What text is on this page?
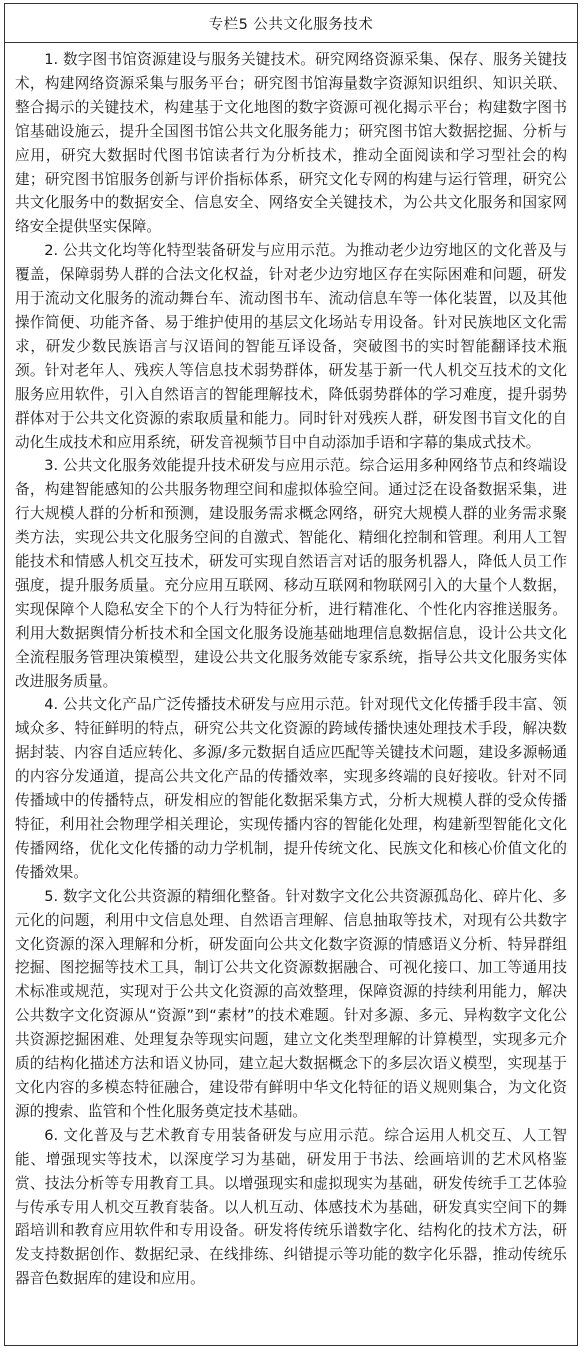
专栏5 公共文化服务技术

1. 数字图书馆资源建设与服务关键技术。研究网络资源采集、保存、服务关键技术，构建网络资源采集与服务平台；研究图书馆海量数字资源知识组织、知识关联、整合揭示的关键技术，构建基于文化地图的数字资源可视化揭示平台；构建数字图书馆基础设施云，提升全国图书馆公共文化服务能力；研究图书馆大数据挖掘、分析与应用，研究大数据时代图书馆读者行为分析技术，推动全面阅读和学习型社会的构建；研究图书馆服务创新与评价指标体系，研究文化专网的构建与运行管理，研究公共文化服务中的数据安全、信息安全、网络安全关键技术，为公共文化服务和国家网络安全提供坚实保障。

2. 公共文化均等化特型装备研发与应用示范。为推动老少边穷地区的文化普及与覆盖，保障弱势人群的合法文化权益，针对老少边穷地区存在实际困难和问题，研发用于流动文化服务的流动舞台车、流动图书车、流动信息车等一体化装置，以及其他操作简便、功能齐备、易于维护使用的基层文化场站专用设备。针对民族地区文化需求，研发少数民族语言与汉语间的智能互译设备，突破图书的实时智能翻译技术瓶颈。针对老年人、残疾人等信息技术弱势群体，研发基于新一代人机交互技术的文化服务应用软件，引入自然语言的智能理解技术，降低弱势群体的学习难度，提升弱势群体对于公共文化资源的索取质量和能力。同时针对残疾人群，研发图书盲文化的自动化生成技术和应用系统，研发音视频节目中自动添加手语和字幕的集成式技术。

3. 公共文化服务效能提升技术研发与应用示范。综合运用多种网络节点和终端设备，构建智能感知的公共服务物理空间和虚拟体验空间。通过泛在设备数据采集，进行大规模人群的分析和预测，建设服务需求概念网络，研究大规模人群的业务需求聚类方法，实现公共文化服务空间的自激式、智能化、精细化控制和管理。利用人工智能技术和情感人机交互技术，研发可实现自然语言对话的服务机器人，降低人员工作强度，提升服务质量。充分应用互联网、移动互联网和物联网引入的大量个人数据，实现保障个人隐私安全下的个人行为特征分析，进行精准化、个性化内容推送服务。利用大数据舆情分析技术和全国文化服务设施基础地理信息数据信息，设计公共文化全流程服务管理决策模型，建设公共文化服务效能专家系统，指导公共文化服务实体改进服务质量。

4. 公共文化产品广泛传播技术研发与应用示范。针对现代文化传播手段丰富、领域众多、特征鲜明的特点，研究公共文化资源的跨域传播快速处理技术手段，解决数据封装、内容自适应转化、多源/多元数据自适应匹配等关键技术问题，建设多源畅通的内容分发通道，提高公共文化产品的传播效率，实现多终端的良好接收。针对不同传播域中的传播特点，研发相应的智能化数据采集方式，分析大规模人群的受众传播特征，利用社会物理学相关理论，实现传播内容的智能化处理，构建新型智能化文化传播网络，优化文化传播的动力学机制，提升传统文化、民族文化和核心价值文化的传播效果。

5. 数字文化公共资源的精细化整备。针对数字文化公共资源孤岛化、碎片化、多元化的问题，利用中文信息处理、自然语言理解、信息抽取等技术，对现有公共数字文化资源的深入理解和分析，研发面向公共文化数字资源的情感语义分析、特异群组挖掘、图挖掘等技术工具，制订公共文化资源数据融合、可视化接口、加工等通用技术标准或规范，实现对于公共文化资源的高效整理，保障资源的持续利用能力，解决公共数字文化资源从“资源”到“素材”的技术难题。针对多源、多元、异构数字文化公共资源挖掘困难、处理复杂等现实问题，建立文化类型理解的计算模型，实现多元介质的结构化描述方法和语义协同，建立起大数据概念下的多层次语义模型，实现基于文化内容的多模态特征融合，建设带有鲜明中华文化特征的语义规则集合，为文化资源的搜索、监管和个性化服务奠定技术基础。

6. 文化普及与艺术教育专用装备研发与应用示范。综合运用人机交互、人工智能、增强现实等技术，以深度学习为基础，研发用于书法、绘画培训的艺术风格鉴赏、技法分析等专用教育工具。以增强现实和虚拟现实为基础，研发传统手工艺体验与传承专用人机交互教育装备。以人机互动、体感技术为基础，研发真实空间下的舞蹈培训和教育应用软件和专用设备。研发将传统乐谱数字化、结构化的技术方法，研发支持数据创作、数据纪录、在线排练、纠错提示等功能的数字化乐器，推动传统乐器音色数据库的建设和应用。
